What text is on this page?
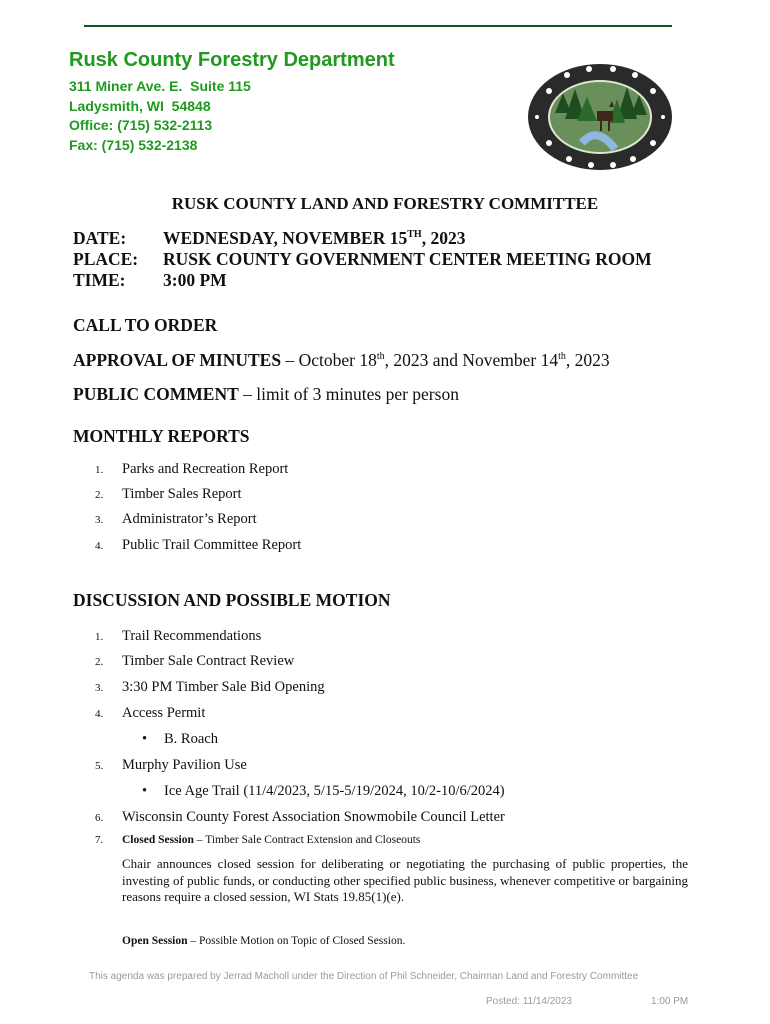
Rusk County Forestry Department
311 Miner Ave. E.  Suite 115
Ladysmith, WI  54848
Office: (715) 532-2113
Fax: (715) 532-2138
RUSK COUNTY LAND AND FORESTRY COMMITTEE
DATE: WEDNESDAY, NOVEMBER 15TH, 2023
PLACE: RUSK COUNTY GOVERNMENT CENTER MEETING ROOM
TIME: 3:00 PM
CALL TO ORDER
APPROVAL OF MINUTES – October 18th, 2023 and November 14th, 2023
PUBLIC COMMENT – limit of 3 minutes per person
MONTHLY REPORTS
1. Parks and Recreation Report
2. Timber Sales Report
3. Administrator’s Report
4. Public Trail Committee Report
DISCUSSION AND POSSIBLE MOTION
1. Trail Recommendations
2. Timber Sale Contract Review
3. 3:30 PM Timber Sale Bid Opening
4. Access Permit
• B. Roach
5. Murphy Pavilion Use
• Ice Age Trail (11/4/2023, 5/15-5/19/2024, 10/2-10/6/2024)
6. Wisconsin County Forest Association Snowmobile Council Letter
7. Closed Session – Timber Sale Contract Extension and Closeouts
Chair announces closed session for deliberating or negotiating the purchasing of public properties, the investing of public funds, or conducting other specified public business, whenever competitive or bargaining reasons require a closed session, WI Stats 19.85(1)(e).
Open Session – Possible Motion on Topic of Closed Session.
This agenda was prepared by Jerrad Macholl under the Direction of Phil Schneider, Chairman Land and Forestry Committee
Posted: 11/14/2023	1:00 PM
